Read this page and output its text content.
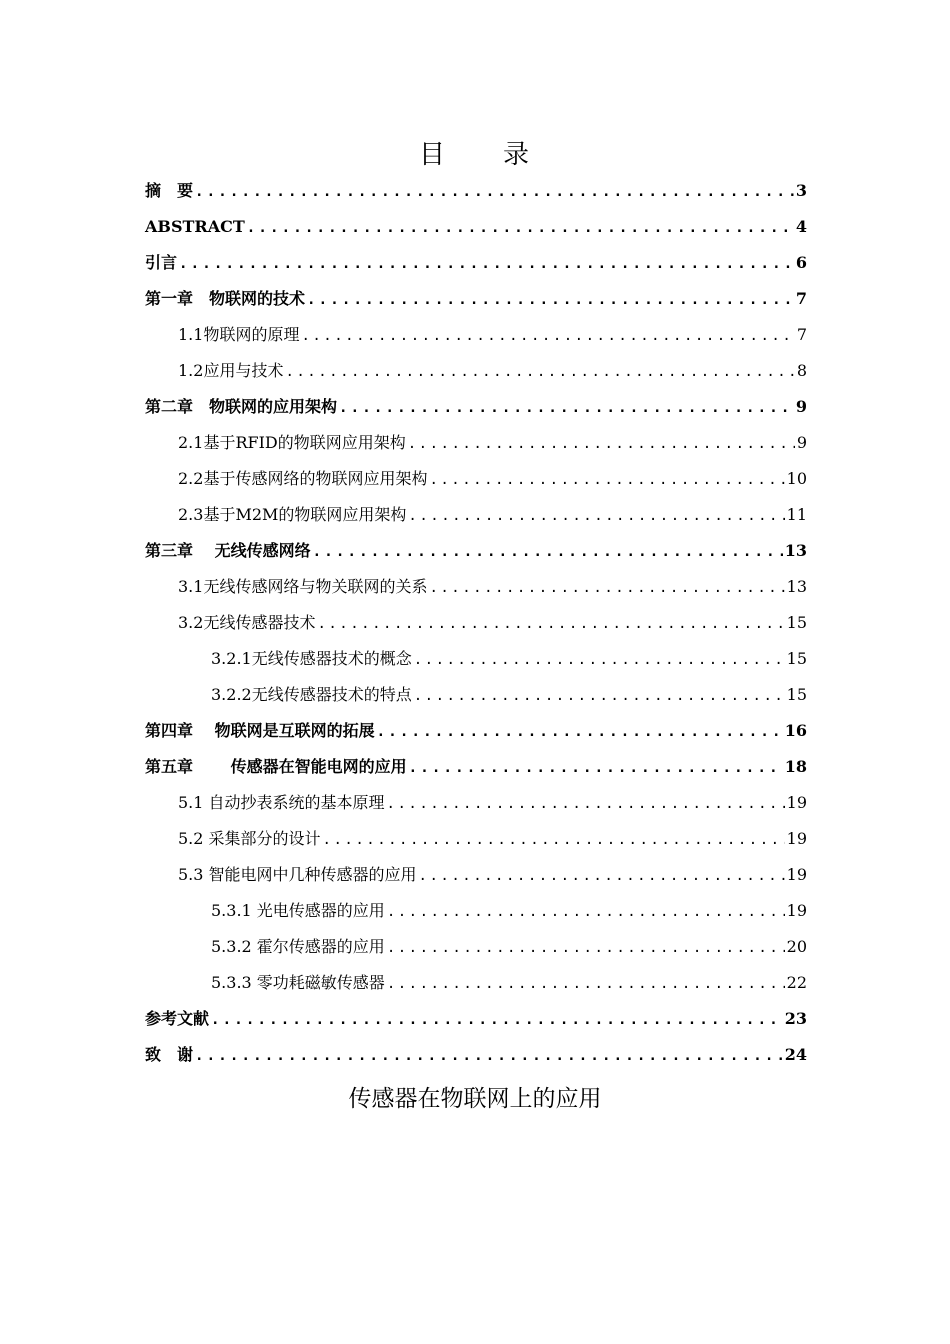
目　　录
摘　要 .....	3
ABSTRACT .....	4
引言 .....	6
第一章　物联网的技术 .....	7
1.1物联网的原理 .....	7
1.2应用与技术 .....	8
第二章　物联网的应用架构 .....	9
2.1基于RFID的物联网应用架构 .....	9
2.2基于传感网络的物联网应用架构 .....	10
2.3基于M2M的物联网应用架构 .....	11
第三章　 无线传感网络 .....	13
3.1无线传感网络与物关联网的关系 .....	13
3.2无线传感器技术 .....	15
3.2.1无线传感器技术的概念 .....	15
3.2.2无线传感器技术的特点 .....	15
第四章　 物联网是互联网的拓展 .....	16
第五章　　 传感器在智能电网的应用 .....	18
5.1 自动抄表系统的基本原理 .....	19
5.2 采集部分的设计 .....	19
5.3 智能电网中几种传感器的应用 .....	19
5.3.1 光电传感器的应用 .....	19
5.3.2 霍尔传感器的应用 .....	20
5.3.3 零功耗磁敏传感器 .....	22
参考文献 .....	23
致　谢 .....	24
传感器在物联网上的应用
